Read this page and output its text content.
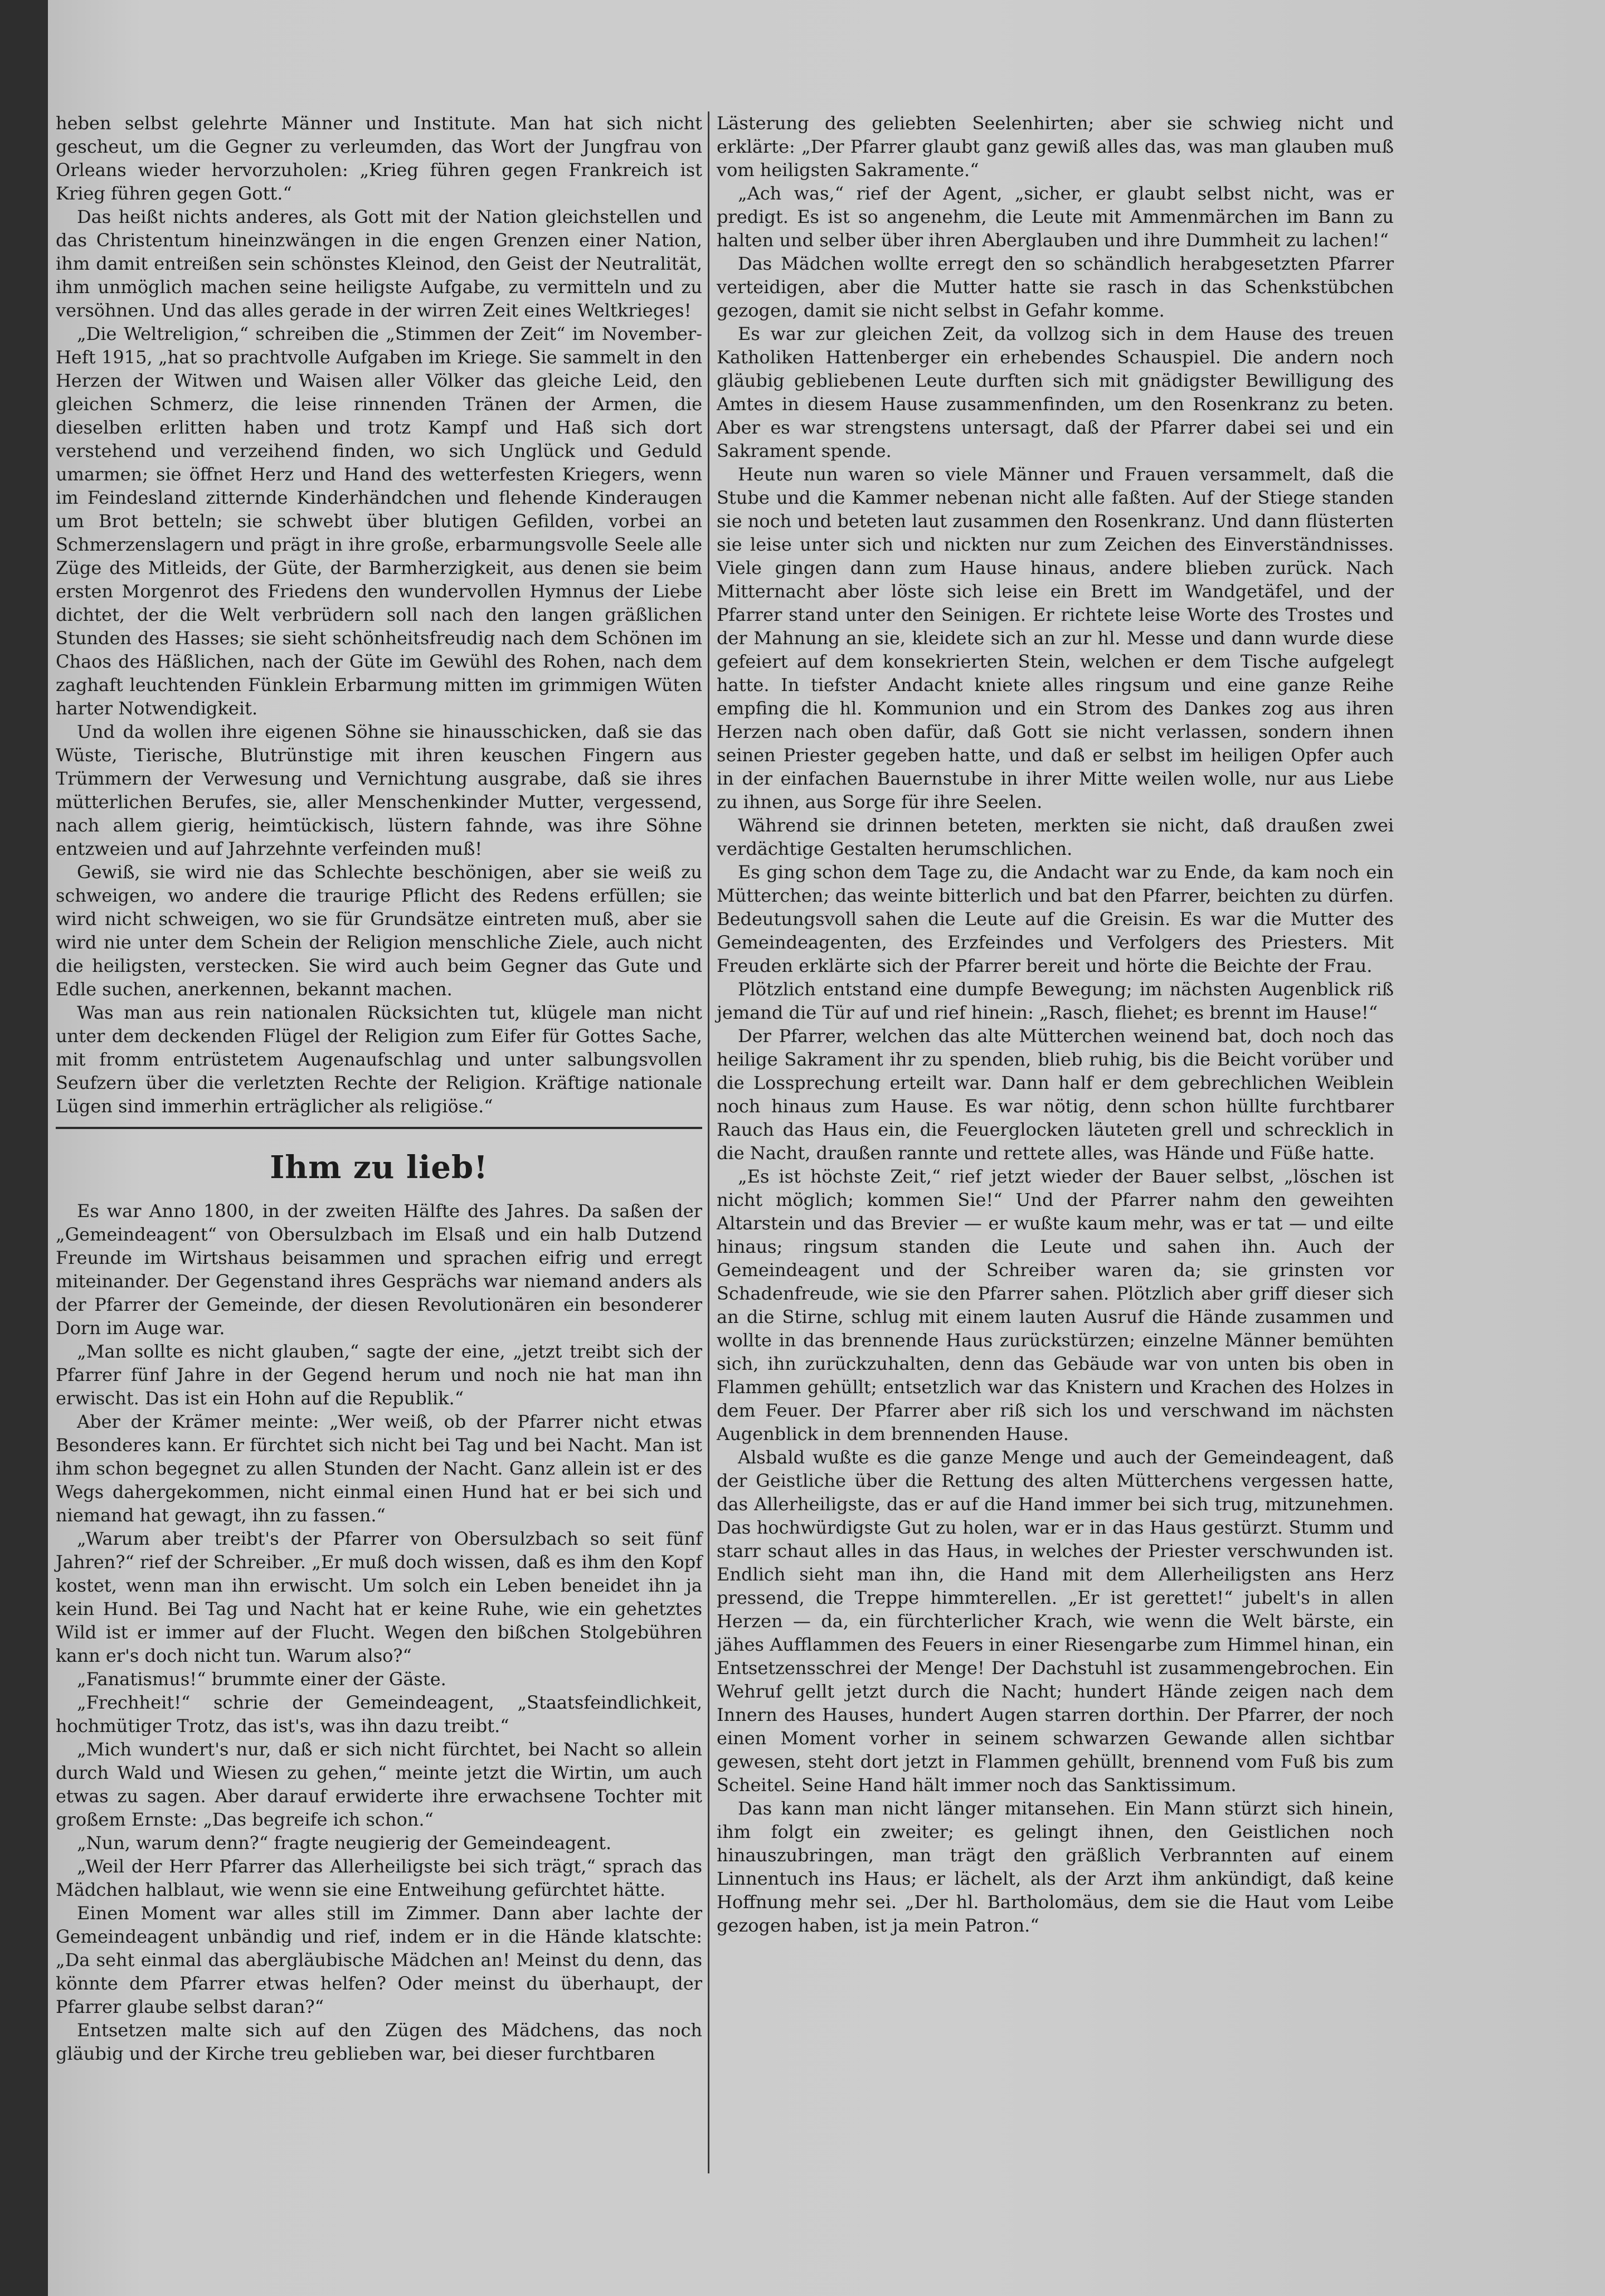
heben selbst gelehrte Männer und Institute. Man hat sich nicht gescheut, um die Gegner zu verleumden, das Wort der Jungfrau von Orleans wieder hervorzuholen: „Krieg führen gegen Frankreich ist Krieg führen gegen Gott.“

Das heißt nichts anderes, als Gott mit der Nation gleichstellen und das Christentum hineinzwängen in die engen Grenzen einer Nation, ihm damit entreißen sein schönstes Kleinod, den Geist der Neutralität, ihm unmöglich machen seine heiligste Aufgabe, zu vermitteln und zu versöhnen. Und das alles gerade in der wirren Zeit eines Weltkrieges!

„Die Weltreligion,“ schreiben die „Stimmen der Zeit“ im November-Heft 1915, „hat so prachtvolle Aufgaben im Kriege. Sie sammelt in den Herzen der Witwen und Waisen aller Völker das gleiche Leid, den gleichen Schmerz, die leise rinnenden Tränen der Armen, die dieselben erlitten haben und trotz Kampf und Haß sich dort verstehend und verzeihend finden, wo sich Unglück und Geduld umarmen; sie öffnet Herz und Hand des wetterfesten Kriegers, wenn im Feindesland zitternde Kinderhändchen und flehende Kinderaugen um Brot betteln; sie schwebt über blutigen Gefilden, vorbei an Schmerzenslagern und prägt in ihre große, erbarmungsvolle Seele alle Züge des Mitleids, der Güte, der Barmherzigkeit, aus denen sie beim ersten Morgenrot des Friedens den wundervollen Hymnus der Liebe dichtet, der die Welt verbrüdern soll nach den langen gräßlichen Stunden des Hasses; sie sieht schönheitsfreudig nach dem Schönen im Chaos des Häßlichen, nach der Güte im Gewühl des Rohen, nach dem zaghaft leuchtenden Fünklein Erbarmung mitten im grimmigen Wüten harter Notwendigkeit.

Und da wollen ihre eigenen Söhne sie hinausschicken, daß sie das Wüste, Tierische, Blutrünstige mit ihren keuschen Fingern aus Trümmern der Verwesung und Vernichtung ausgrabe, daß sie ihres mütterlichen Berufes, sie, aller Menschenkinder Mutter, vergessend, nach allem gierig, heimtückisch, lüstern fahnde, was ihre Söhne entzweien und auf Jahrzehnte verfeinden muß!

Gewiß, sie wird nie das Schlechte beschönigen, aber sie weiß zu schweigen, wo andere die traurige Pflicht des Redens erfüllen; sie wird nicht schweigen, wo sie für Grundsätze eintreten muß, aber sie wird nie unter dem Schein der Religion menschliche Ziele, auch nicht die heiligsten, verstecken. Sie wird auch beim Gegner das Gute und Edle suchen, anerkennen, bekannt machen.

Was man aus rein nationalen Rücksichten tut, klügele man nicht unter dem deckenden Flügel der Religion zum Eifer für Gottes Sache, mit fromm entrüstetem Augenaufschlag und unter salbungsvollen Seufzern über die verletzten Rechte der Religion. Kräftige nationale Lügen sind immerhin erträglicher als religiöse.“

Ihm zu lieb!

Es war Anno 1800, in der zweiten Hälfte des Jahres. Da saßen der „Gemeindeagent“ von Obersulzbach im Elsaß und ein halb Dutzend Freunde im Wirtshaus beisammen und sprachen eifrig und erregt miteinander. Der Gegenstand ihres Gesprächs war niemand anders als der Pfarrer der Gemeinde, der diesen Revolutionären ein besonderer Dorn im Auge war.

„Man sollte es nicht glauben,“ sagte der eine, „jetzt treibt sich der Pfarrer fünf Jahre in der Gegend herum und noch nie hat man ihn erwischt. Das ist ein Hohn auf die Republik.“

Aber der Krämer meinte: „Wer weiß, ob der Pfarrer nicht etwas Besonderes kann. Er fürchtet sich nicht bei Tag und bei Nacht. Man ist ihm schon begegnet zu allen Stunden der Nacht. Ganz allein ist er des Wegs dahergekommen, nicht einmal einen Hund hat er bei sich und niemand hat gewagt, ihn zu fassen.“

„Warum aber treibt's der Pfarrer von Obersulzbach so seit fünf Jahren?“ rief der Schreiber. „Er muß doch wissen, daß es ihm den Kopf kostet, wenn man ihn erwischt. Um solch ein Leben beneidet ihn ja kein Hund. Bei Tag und Nacht hat er keine Ruhe, wie ein gehetztes Wild ist er immer auf der Flucht. Wegen den bißchen Stolgebühren kann er's doch nicht tun. Warum also?“

„Fanatismus!“ brummte einer der Gäste.

„Frechheit!“ schrie der Gemeindeagent, „Staatsfeindlichkeit, hochmütiger Trotz, das ist's, was ihn dazu treibt.“

„Mich wundert's nur, daß er sich nicht fürchtet, bei Nacht so allein durch Wald und Wiesen zu gehen,“ meinte jetzt die Wirtin, um auch etwas zu sagen. Aber darauf erwiderte ihre erwachsene Tochter mit großem Ernste: „Das begreife ich schon.“

„Nun, warum denn?“ fragte neugierig der Gemeindeagent.

„Weil der Herr Pfarrer das Allerheiligste bei sich trägt,“ sprach das Mädchen halblaut, wie wenn sie eine Entweihung gefürchtet hätte.

Einen Moment war alles still im Zimmer. Dann aber lachte der Gemeindeagent unbändig und rief, indem er in die Hände klatschte: „Da seht einmal das abergläubische Mädchen an! Meinst du denn, das könnte dem Pfarrer etwas helfen? Oder meinst du überhaupt, der Pfarrer glaube selbst daran?“

Entsetzen malte sich auf den Zügen des Mädchens, das noch gläubig und der Kirche treu geblieben war, bei dieser furchtbaren

Lästerung des geliebten Seelenhirten; aber sie schwieg nicht und erklärte: „Der Pfarrer glaubt ganz gewiß alles das, was man glauben muß vom heiligsten Sakramente.“

„Ach was,“ rief der Agent, „sicher, er glaubt selbst nicht, was er predigt. Es ist so angenehm, die Leute mit Ammenmärchen im Bann zu halten und selber über ihren Aberglauben und ihre Dummheit zu lachen!“

Das Mädchen wollte erregt den so schändlich herabgesetzten Pfarrer verteidigen, aber die Mutter hatte sie rasch in das Schenkstübchen gezogen, damit sie nicht selbst in Gefahr komme.

Es war zur gleichen Zeit, da vollzog sich in dem Hause des treuen Katholiken Hattenberger ein erhebendes Schauspiel. Die andern noch gläubig gebliebenen Leute durften sich mit gnädigster Bewilligung des Amtes in diesem Hause zusammenfinden, um den Rosenkranz zu beten. Aber es war strengstens untersagt, daß der Pfarrer dabei sei und ein Sakrament spende.

Heute nun waren so viele Männer und Frauen versammelt, daß die Stube und die Kammer nebenan nicht alle faßten. Auf der Stiege standen sie noch und beteten laut zusammen den Rosenkranz. Und dann flüsterten sie leise unter sich und nickten nur zum Zeichen des Einverständnisses. Viele gingen dann zum Hause hinaus, andere blieben zurück. Nach Mitternacht aber löste sich leise ein Brett im Wandgetäfel, und der Pfarrer stand unter den Seinigen. Er richtete leise Worte des Trostes und der Mahnung an sie, kleidete sich an zur hl. Messe und dann wurde diese gefeiert auf dem konsekrierten Stein, welchen er dem Tische aufgelegt hatte. In tiefster Andacht kniete alles ringsum und eine ganze Reihe empfing die hl. Kommunion und ein Strom des Dankes zog aus ihren Herzen nach oben dafür, daß Gott sie nicht verlassen, sondern ihnen seinen Priester gegeben hatte, und daß er selbst im heiligen Opfer auch in der einfachen Bauernstube in ihrer Mitte weilen wolle, nur aus Liebe zu ihnen, aus Sorge für ihre Seelen.

Während sie drinnen beteten, merkten sie nicht, daß draußen zwei verdächtige Gestalten herumschlichen.

Es ging schon dem Tage zu, die Andacht war zu Ende, da kam noch ein Mütterchen; das weinte bitterlich und bat den Pfarrer, beichten zu dürfen. Bedeutungsvoll sahen die Leute auf die Greisin. Es war die Mutter des Gemeindeagenten, des Erzfeindes und Verfolgers des Priesters. Mit Freuden erklärte sich der Pfarrer bereit und hörte die Beichte der Frau.

Plötzlich entstand eine dumpfe Bewegung; im nächsten Augenblick riß jemand die Tür auf und rief hinein: „Rasch, fliehet; es brennt im Hause!“

Der Pfarrer, welchen das alte Mütterchen weinend bat, doch noch das heilige Sakrament ihr zu spenden, blieb ruhig, bis die Beicht vorüber und die Lossprechung erteilt war. Dann half er dem gebrechlichen Weiblein noch hinaus zum Hause. Es war nötig, denn schon hüllte furchtbarer Rauch das Haus ein, die Feuerglocken läuteten grell und schrecklich in die Nacht, draußen rannte und rettete alles, was Hände und Füße hatte.

„Es ist höchste Zeit,“ rief jetzt wieder der Bauer selbst, „löschen ist nicht möglich; kommen Sie!“ Und der Pfarrer nahm den geweihten Altarstein und das Brevier — er wußte kaum mehr, was er tat — und eilte hinaus; ringsum standen die Leute und sahen ihn. Auch der Gemeindeagent und der Schreiber waren da; sie grinsten vor Schadenfreude, wie sie den Pfarrer sahen. Plötzlich aber griff dieser sich an die Stirne, schlug mit einem lauten Ausruf die Hände zusammen und wollte in das brennende Haus zurückstürzen; einzelne Männer bemühten sich, ihn zurückzuhalten, denn das Gebäude war von unten bis oben in Flammen gehüllt; entsetzlich war das Knistern und Krachen des Holzes in dem Feuer. Der Pfarrer aber riß sich los und verschwand im nächsten Augenblick in dem brennenden Hause.

Alsbald wußte es die ganze Menge und auch der Gemeindeagent, daß der Geistliche über die Rettung des alten Mütterchens vergessen hatte, das Allerheiligste, das er auf die Hand immer bei sich trug, mitzunehmen. Das hochwürdigste Gut zu holen, war er in das Haus gestürzt. Stumm und starr schaut alles in das Haus, in welches der Priester verschwunden ist. Endlich sieht man ihn, die Hand mit dem Allerheiligsten ans Herz pressend, die Treppe himmterellen. „Er ist gerettet!“ jubelt's in allen Herzen — da, ein fürchterlicher Krach, wie wenn die Welt bärste, ein jähes Aufflammen des Feuers in einer Riesengarbe zum Himmel hinan, ein Entsetzensschrei der Menge! Der Dachstuhl ist zusammengebrochen. Ein Wehruf gellt jetzt durch die Nacht; hundert Hände zeigen nach dem Innern des Hauses, hundert Augen starren dorthin. Der Pfarrer, der noch einen Moment vorher in seinem schwarzen Gewande allen sichtbar gewesen, steht dort jetzt in Flammen gehüllt, brennend vom Fuß bis zum Scheitel. Seine Hand hält immer noch das Sanktissimum.

Das kann man nicht länger mitansehen. Ein Mann stürzt sich hinein, ihm folgt ein zweiter; es gelingt ihnen, den Geistlichen noch hinauszubringen, man trägt den gräßlich Verbrannten auf einem Linnentuch ins Haus; er lächelt, als der Arzt ihm ankündigt, daß keine Hoffnung mehr sei. „Der hl. Bartholomäus, dem sie die Haut vom Leibe gezogen haben, ist ja mein Patron.“
